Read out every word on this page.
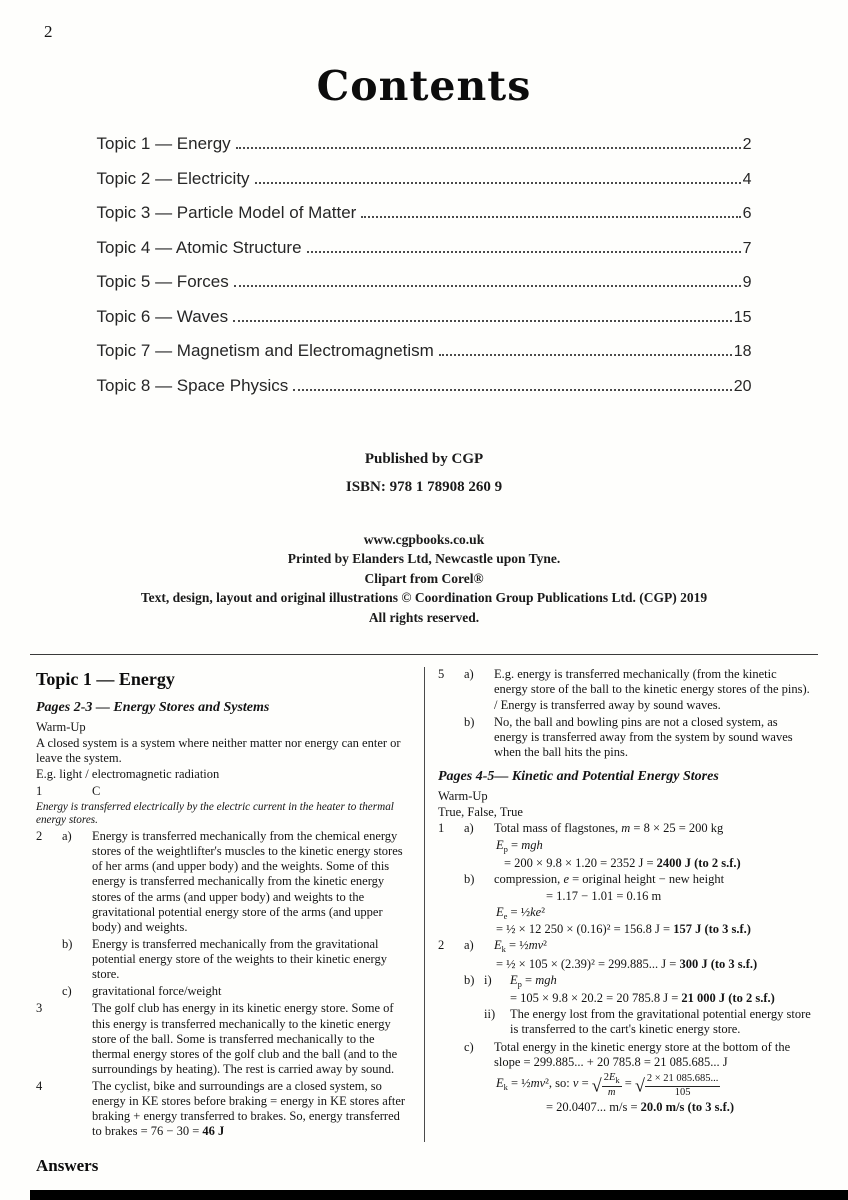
2
Contents
Topic 1 — Energy	2
Topic 2 — Electricity	4
Topic 3 — Particle Model of Matter	6
Topic 4 — Atomic Structure	7
Topic 5 — Forces	9
Topic 6 — Waves	15
Topic 7 — Magnetism and Electromagnetism	18
Topic 8 — Space Physics	20
Published by CGP
ISBN: 978 1 78908 260 9
www.cgpbooks.co.uk
Printed by Elanders Ltd, Newcastle upon Tyne.
Clipart from Corel®
Text, design, layout and original illustrations © Coordination Group Publications Ltd. (CGP) 2019
All rights reserved.
Topic 1 — Energy
Pages 2-3 — Energy Stores and Systems
Warm-Up
A closed system is a system where neither matter nor energy can enter or leave the system.
E.g. light / electromagnetic radiation
1	C
Energy is transferred electrically by the electric current in the heater to thermal energy stores.
2	a)	Energy is transferred mechanically from the chemical energy stores of the weightlifter's muscles to the kinetic energy stores of her arms (and upper body) and the weights. Some of this energy is transferred mechanically from the kinetic energy stores of the arms (and upper body) and weights to the gravitational potential energy store of the arms (and upper body) and weights.
b)	Energy is transferred mechanically from the gravitational potential energy store of the weights to their kinetic energy store.
c)	gravitational force/weight
3	The golf club has energy in its kinetic energy store. Some of this energy is transferred mechanically to the kinetic energy store of the ball. Some is transferred mechanically to the thermal energy stores of the golf club and the ball (and to the surroundings by heating). The rest is carried away by sound.
4	The cyclist, bike and surroundings are a closed system, so energy in KE stores before braking = energy in KE stores after braking + energy transferred to brakes. So, energy transferred to brakes = 76 − 30 = 46 J
5	a)	E.g. energy is transferred mechanically (from the kinetic energy store of the ball to the kinetic energy stores of the pins). / Energy is transferred away by sound waves.
b)	No, the ball and bowling pins are not a closed system, as energy is transferred away from the system by sound waves when the ball hits the pins.
Pages 4-5— Kinetic and Potential Energy Stores
Warm-Up
True, False, True
1	a)	Total mass of flagstones, m = 8 × 25 = 200 kg
$E_p$ = mgh
= 200 × 9.8 × 1.20 = 2352 J = 2400 J (to 2 s.f.)
b)	compression, e = original height − new height
= 1.17 − 1.01 = 0.16 m
$E_e$ = ½ke²
= ½ × 12 250 × (0.16)² = 156.8 J = 157 J (to 3 s.f.)
2	a)	$E_k$ = ½mv²
= ½ × 105 × (2.39)² = 299.885... J = 300 J (to 3 s.f.)
b) i)	$E_p$ = mgh
= 105 × 9.8 × 20.2 = 20 785.8 J = 21 000 J (to 2 s.f.)
ii)	The energy lost from the gravitational potential energy store is transferred to the cart's kinetic energy store.
c)	Total energy in the kinetic energy store at the bottom of the slope = 299.885... + 20 785.8 = 21 085.685... J
$E_k$ = ½mv², so: v = √ $\frac{2E_k}{m}$ = √ $\frac{2 \times 21 085.685...}{105}$
= 20.0407... m/s = 20.0 m/s (to 3 s.f.)
Answers
